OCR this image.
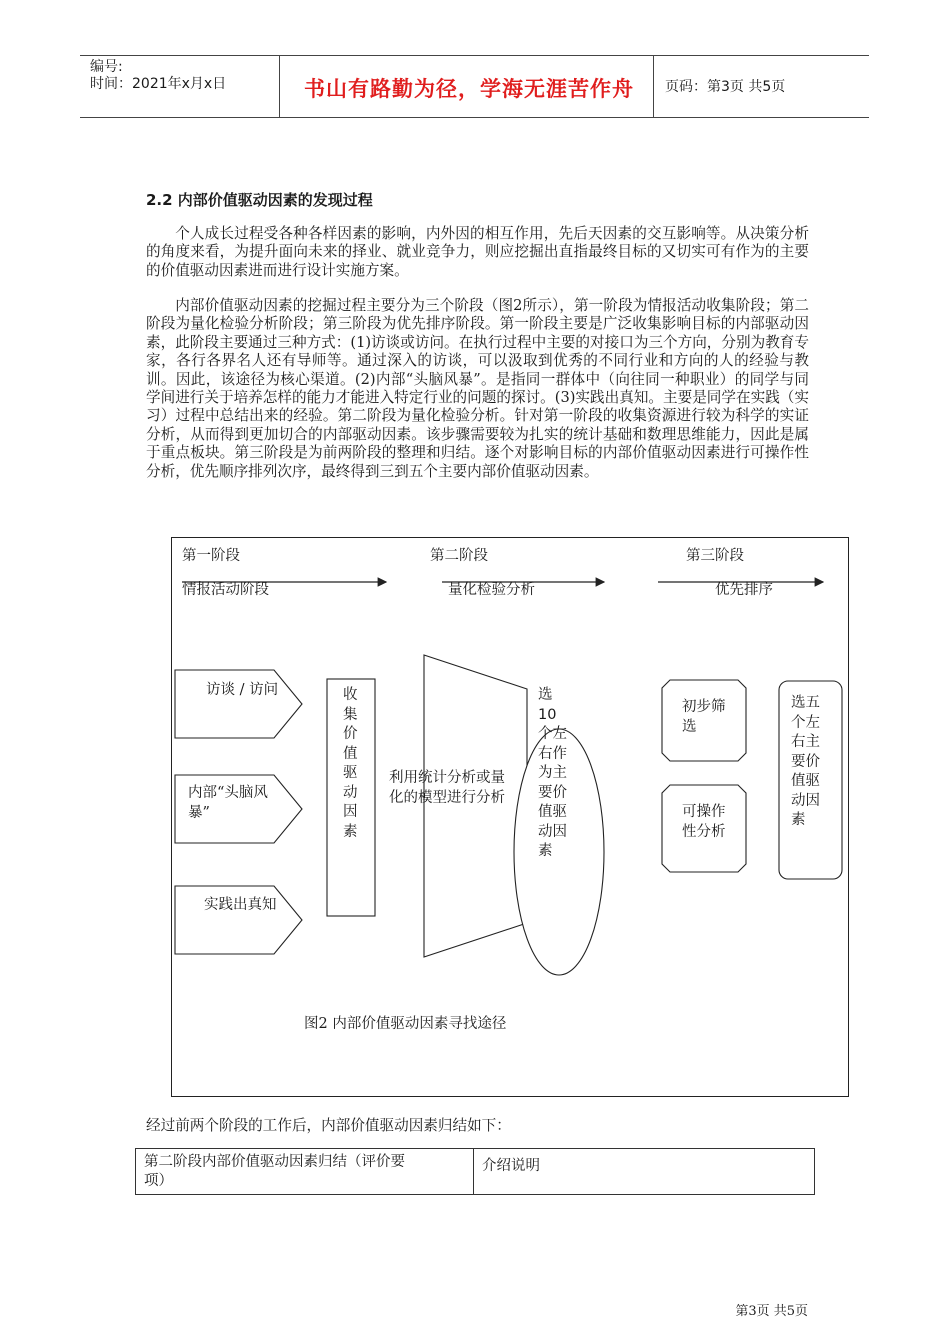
编号:
时间：2021年x月x日	书山有路勤为径，学海无涯苦作舟	页码：第3页 共5页
2.2 内部价值驱动因素的发现过程
个人成长过程受各种各样因素的影响，内外因的相互作用，先后天因素的交互影响等。从决策分析的角度来看，为提升面向未来的择业、就业竞争力，则应挖掘出直指最终目标的又切实可有作为的主要的价值驱动因素进而进行设计实施方案。
内部价值驱动因素的挖掘过程主要分为三个阶段（图2所示），第一阶段为情报活动收集阶段；第二阶段为量化检验分析阶段；第三阶段为优先排序阶段。第一阶段主要是广泛收集影响目标的内部驱动因素，此阶段主要通过三种方式：(1)访谈或访问。在执行过程中主要的对接口为三个方向，分别为教育专家，各行各界名人还有导师等。通过深入的访谈，可以汲取到优秀的不同行业和方向的人的经验与教训。因此，该途径为核心渠道。(2)内部“头脑风暴”。是指同一群体中（向往同一种职业）的同学与同学间进行关于培养怎样的能力才能进入特定行业的问题的探讨。(3)实践出真知。主要是同学在实践（实习）过程中总结出来的经验。第二阶段为量化检验分析。针对第一阶段的收集资源进行较为科学的实证分析，从而得到更加切合的内部驱动因素。该步骤需要较为扎实的统计基础和数理思维能力，因此是属于重点板块。第三阶段是为前两阶段的整理和归结。逐个对影响目标的内部价值驱动因素进行可操作性分析，优先顺序排列次序，最终得到三到五个主要内部价值驱动因素。
第一阶段
情报活动阶段
第二阶段
量化检验分析
第三阶段
优先排序
访谈 / 访问
内部“头脑风
暴”
实践出真知
收
集
价
值
驱
动
因
素
利用统计分析或量
化的模型进行分析
选
10
个左
右作
为主
要价
值驱
动因
素
初步筛
选
可操作
性分析
选五
个左
右主
要价
值驱
动因
素
图2 内部价值驱动因素寻找途径
经过前两个阶段的工作后，内部价值驱动因素归结如下：
第二阶段内部价值驱动因素归结（评价要
项）
介绍说明
第3页 共5页
